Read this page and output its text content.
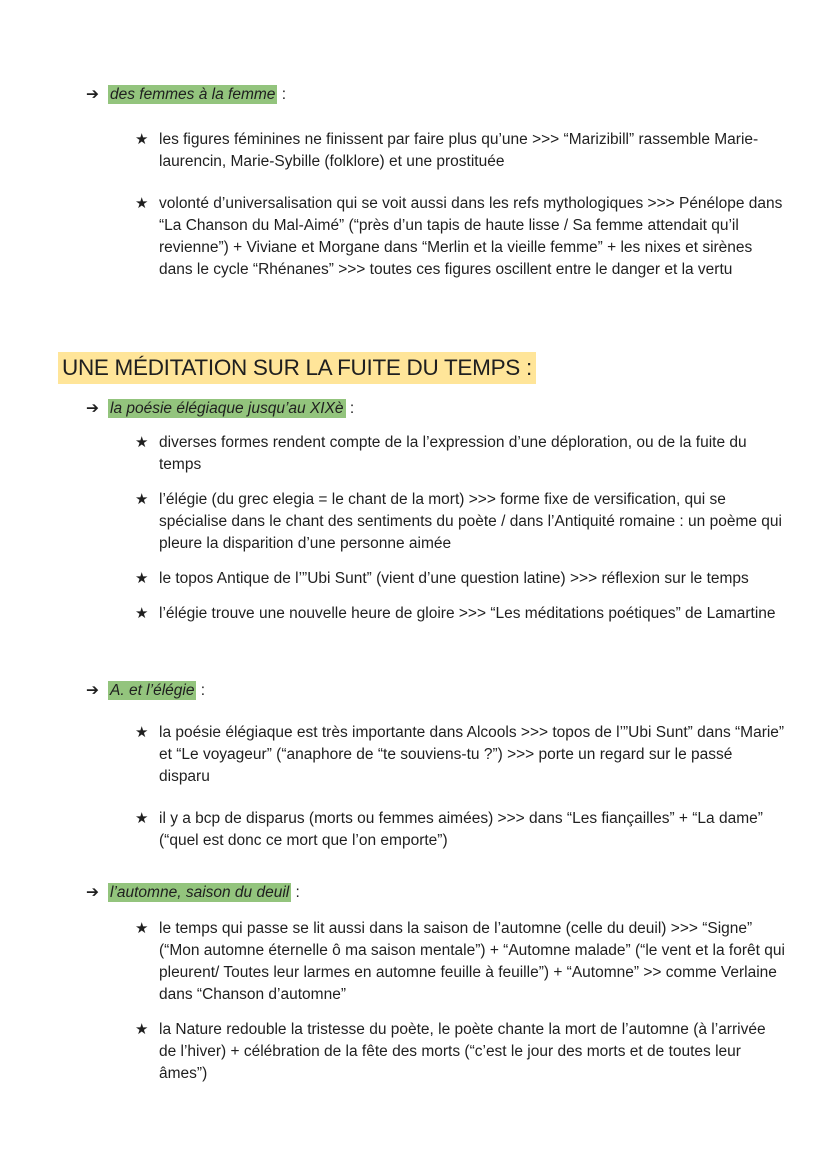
➔ des femmes à la femme :
★ les figures féminines ne finissent par faire plus qu’une >>> “Marizibill” rassemble Marie-laurencin, Marie-Sybille (folklore) et une prostituée
★ volonté d’universalisation qui se voit aussi dans les refs mythologiques >>> Pénélope dans “La Chanson du Mal-Aimé” (“près d’un tapis de haute lisse / Sa femme attendait qu’il revienne”) + Viviane et Morgane dans “Merlin et la vieille femme” + les nixes et sirènes dans le cycle “Rhénanes” >>> toutes ces figures oscillent entre le danger et la vertu
UNE MÉDITATION SUR LA FUITE DU TEMPS :
➔ la poésie élégiaque jusqu’au XIXè :
★ diverses formes rendent compte de la l’expression d’une déploration, ou de la fuite du temps
★ l’élégie (du grec elegia = le chant de la mort) >>> forme fixe de versification, qui se spécialise dans le chant des sentiments du poète / dans l’Antiquité romaine : un poème qui pleure la disparition d’une personne aimée
★ le topos Antique de l’”Ubi Sunt” (vient d’une question latine) >>> réflexion sur le temps
★ l’élégie trouve une nouvelle heure de gloire >>> “Les méditations poétiques” de Lamartine
➔ A. et l’élégie :
★ la poésie élégiaque est très importante dans Alcools >>> topos de l’”Ubi Sunt” dans “Marie” et “Le voyageur” (“anaphore de “te souviens-tu ?”) >>> porte un regard sur le passé disparu
★ il y a bcp de disparus (morts ou femmes aimées) >>> dans “Les fiançailles” + “La dame” (“quel est donc ce mort que l’on emporte”)
➔ l’automne, saison du deuil :
★ le temps qui passe se lit aussi dans la saison de l’automne (celle du deuil) >>> “Signe” (“Mon automne éternelle ô ma saison mentale”) + “Automne malade” (“le vent et la forêt qui pleurent/ Toutes leur larmes en automne feuille à feuille”) + “Automne” >> comme Verlaine dans “Chanson d’automne”
★ la Nature redouble la tristesse du poète, le poète chante la mort de l’automne (à l’arrivée de l’hiver) + célébration de la fête des morts (“c’est le jour des morts et de toutes leur âmes”)
